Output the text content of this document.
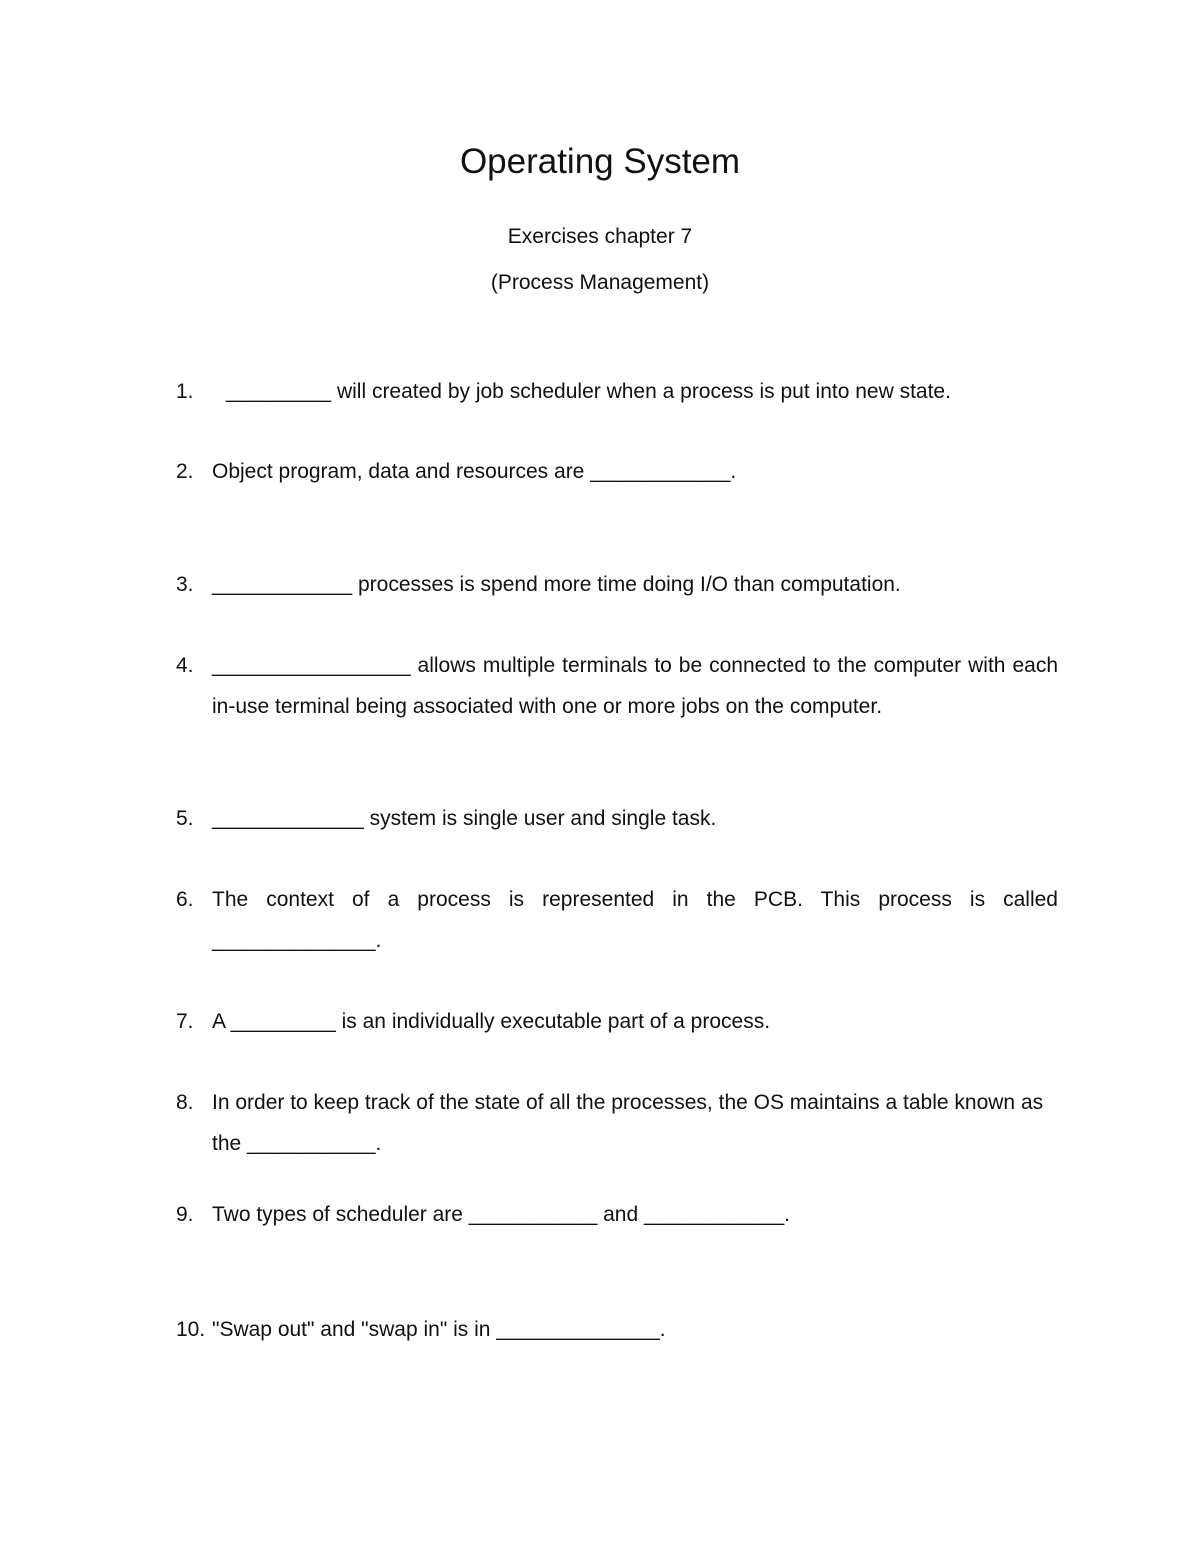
Operating System

Exercises chapter 7

(Process Management)

1.	_________ will created by job scheduler when a process is put into new state.
2. Object program, data and resources are ____________.
3. ____________ processes is spend more time doing I/O than computation.
4. _________________ allows multiple terminals to be connected to the computer with each in-use terminal being associated with one or more jobs on the computer.
5. _____________ system is single user and single task.
6. The context of a process is represented in the PCB. This process is called ______________.
7. A _________ is an individually executable part of a process.
8. In order to keep track of the state of all the processes, the OS maintains a table known as the ___________.
9. Two types of scheduler are ___________ and ____________.
10. "Swap out" and "swap in" is in ______________.
